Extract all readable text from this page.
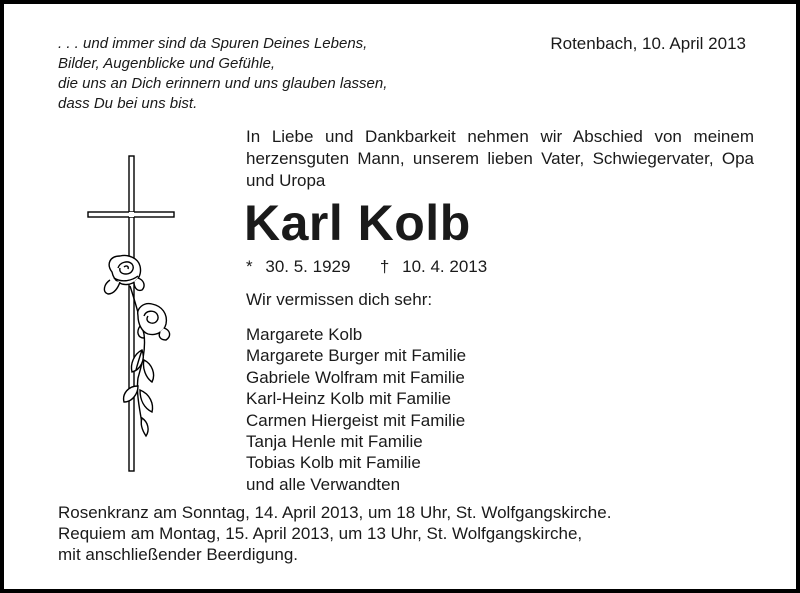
. . . und immer sind da Spuren Deines Lebens,
Bilder, Augenblicke und Gefühle,
die uns an Dich erinnern und uns glauben lassen,
dass Du bei uns bist.
Rotenbach, 10. April 2013
In Liebe und Dankbarkeit nehmen wir Abschied von meinem herzensguten Mann, unserem lieben Vater, Schwiegervater, Opa und Uropa
Karl Kolb
* 30. 5. 1929 † 10. 4. 2013
Wir vermissen dich sehr:
Margarete Kolb
Margarete Burger mit Familie
Gabriele Wolfram mit Familie
Karl-Heinz Kolb mit Familie
Carmen Hiergeist mit Familie
Tanja Henle mit Familie
Tobias Kolb mit Familie
und alle Verwandten
Rosenkranz am Sonntag, 14. April 2013, um 18 Uhr, St. Wolfgangskirche.
Requiem am Montag, 15. April 2013, um 13 Uhr, St. Wolfgangskirche,
mit anschließender Beerdigung.
